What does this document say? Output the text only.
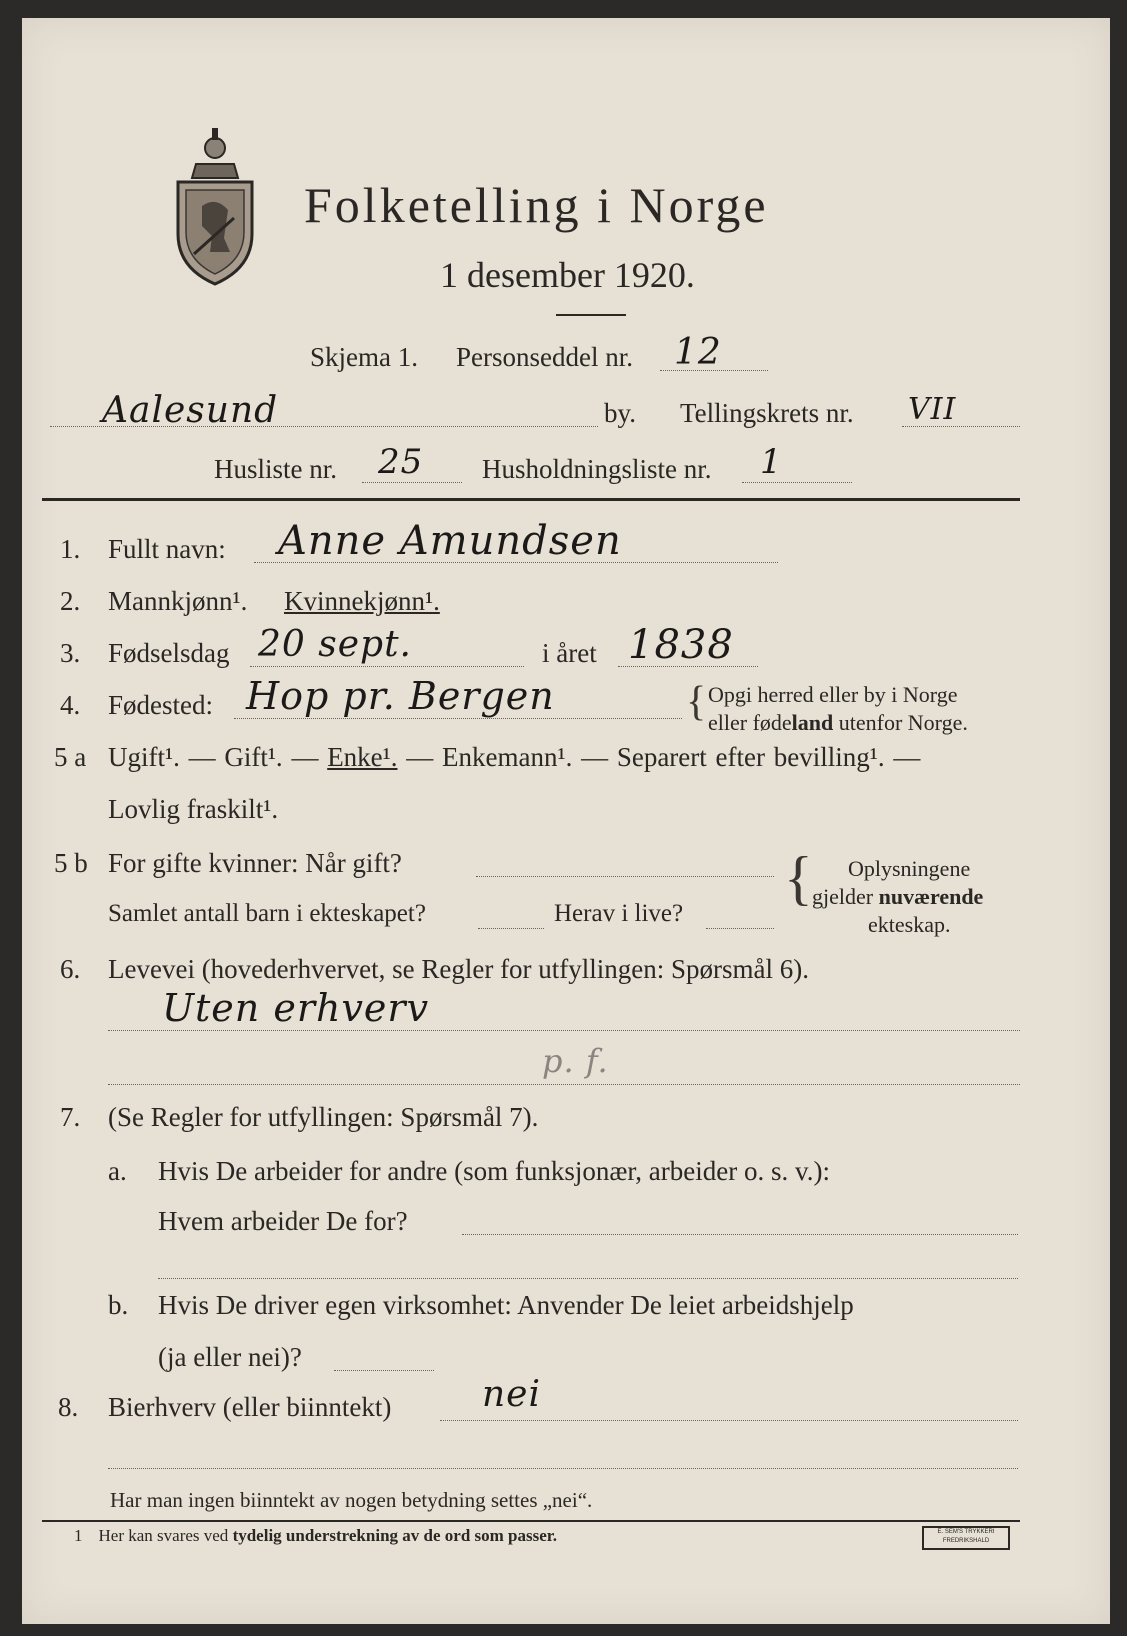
Folketelling i Norge
1 desember 1920.
Skjema 1. Personseddel nr. 12
Aalesund	by. Tellingskrets nr. VII
Husliste nr. 25 Husholdningsliste nr. 1
1. Fullt navn: Anne Amundsen
2. Mannkjønn¹. Kvinnekjønn¹.
3. Fødselsdag 20 sept.	i året 1838
4. Fødested: Hop pr. Bergen	{ Opgi herred eller by i Norge
eller fødeland utenfor Norge.
5 a Ugift¹. — Gift¹. — Enke¹. — Enkemann¹. — Separert efter bevilling¹. —
Lovlig fraskilt¹.
5 b For gifte kvinner: Når gift?
Samlet antall barn i ekteskapet?	Herav i live?
{ Oplysningene
gjelder nuværende
ekteskap.
6. Levevei (hovederhvervet, se Regler for utfyllingen: Spørsmål 6).
Uten erhverv
p. f.
7. (Se Regler for utfyllingen: Spørsmål 7).
a. Hvis De arbeider for andre (som funksjonær, arbeider o. s. v.):
Hvem arbeider De for?
b. Hvis De driver egen virksomhet: Anvender De leiet arbeidshjelp
(ja eller nei)?
8. Bierhverv (eller biinntekt)	nei
Har man ingen biinntekt av nogen betydning settes „nei“.
1 Her kan svares ved tydelig understrekning av de ord som passer.	E. SEM'S TRYKKERI
FREDRIKSHALD
